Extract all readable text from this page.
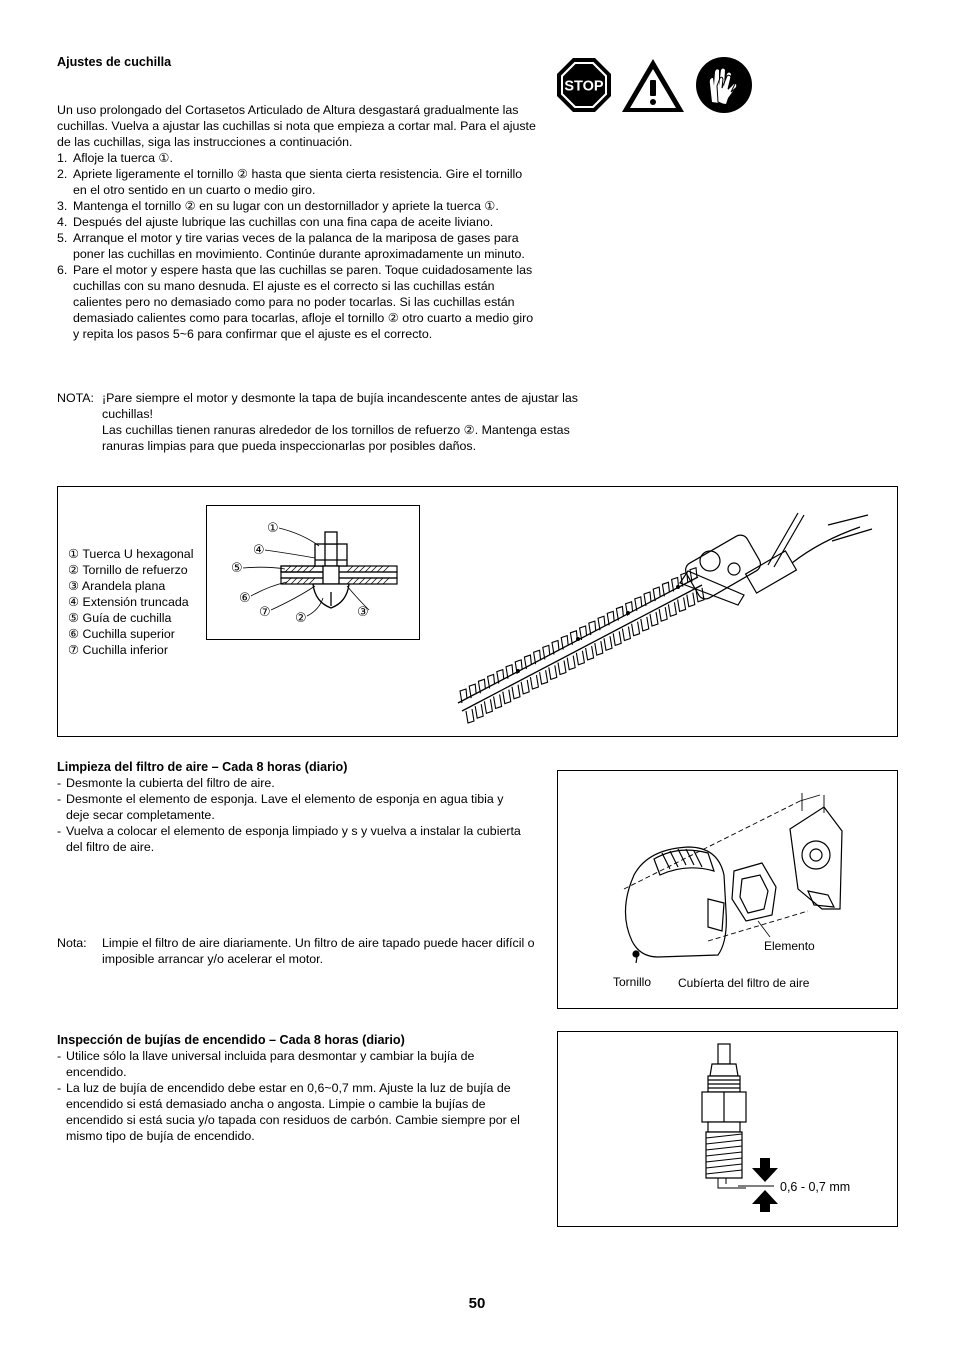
Ajustes de cuchilla

Un uso prolongado del Cortasetos Articulado de Altura desgastará gradualmente las cuchillas. Vuelva a ajustar las cuchillas si nota que empieza a cortar mal. Para el ajuste de las cuchillas, siga las instrucciones a continuación.

1. Afloje la tuerca ①.
2. Apriete ligeramente el tornillo ② hasta que sienta cierta resistencia. Gire el tornillo en el otro sentido en un cuarto o medio giro.
3. Mantenga el tornillo ② en su lugar con un destornillador y apriete la tuerca ①.
4. Después del ajuste lubrique las cuchillas con una fina capa de aceite liviano.
5. Arranque el motor y tire varias veces de la palanca de la mariposa de gases para poner las cuchillas en movimiento. Continúe durante aproximadamente un minuto.
6. Pare el motor y espere hasta que las cuchillas se paren. Toque cuidadosamente las cuchillas con su mano desnuda. El ajuste es el correcto si las cuchillas están calientes pero no demasiado como para no poder tocarlas. Si las cuchillas están demasiado calientes como para tocarlas, afloje el tornillo ② otro cuarto a medio giro y repita los pasos 5~6 para confirmar que el ajuste es el correcto.
NOTA: ¡Pare siempre el motor y desmonte la tapa de bujía incandescente antes de ajustar las cuchillas!

Las cuchillas tienen ranuras alrededor de los tornillos de refuerzo ②. Mantenga estas ranuras limpias para que pueda inspeccionarlas por posibles daños.

STOP
① Tuerca U hexagonal
② Tornillo de refuerzo
③ Arandela plana
④ Extensión truncada
⑤ Guía de cuchilla
⑥ Cuchilla superior
⑦ Cuchilla inferior
①
②	③
④
⑤
⑥
⑦
Limpieza del filtro de aire – Cada 8 horas (diario)
- Desmonte la cubierta del filtro de aire.
- Desmonte el elemento de esponja. Lave el elemento de esponja en agua tibia y deje secar completamente.
- Vuelva a colocar el elemento de esponja limpiado y s y vuelva a instalar la cubierta del filtro de aire.
Nota: Limpie el filtro de aire diariamente. Un filtro de aire tapado puede hacer difícil o imposible arrancar y/o acelerar el motor.

Elemento
Tornillo Cubíerta del filtro de aire
Inspección de bujías de encendido – Cada 8 horas (diario)
- Utilice sólo la llave universal incluida para desmontar y cambiar la bujía de encendido.
- La luz de bujía de encendido debe estar en 0,6~0,7 mm. Ajuste la luz de bujía de encendido si está demasiado ancha o angosta. Limpie o cambie la bujías de encendido si está sucia y/o tapada con residuos de carbón. Cambie siempre por el mismo tipo de bujía de encendido.
0,6 - 0,7 mm
50
